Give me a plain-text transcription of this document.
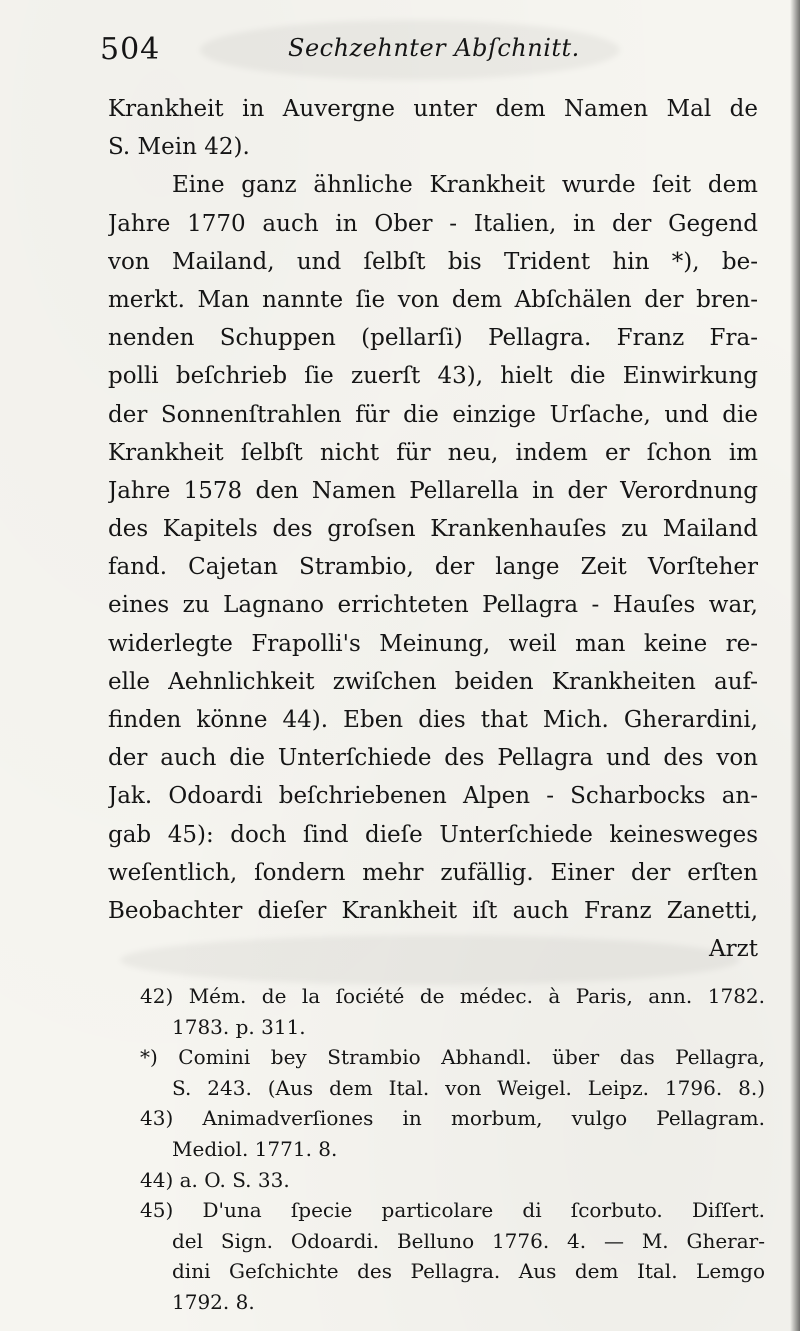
504	Sechzehnter Abſchnitt.
Krankheit in Auvergne unter dem Namen Mal de
S. Mein 42).
Eine ganz ähnliche Krankheit wurde ſeit dem
Jahre 1770 auch in Ober - Italien, in der Gegend
von Mailand, und ſelbſt bis Trident hin *), be-
merkt. Man nannte ſie von dem Abſchälen der bren-
nenden Schuppen (pellarſi) Pellagra. Franz Fra-
polli beſchrieb ſie zuerſt 43), hielt die Einwirkung
der Sonnenſtrahlen für die einzige Urſache, und die
Krankheit ſelbſt nicht für neu, indem er ſchon im
Jahre 1578 den Namen Pellarella in der Verordnung
des Kapitels des groſsen Krankenhauſes zu Mailand
fand. Cajetan Strambio, der lange Zeit Vorſteher
eines zu Lagnano errichteten Pellagra - Hauſes war,
widerlegte Frapolli's Meinung, weil man keine re-
elle Aehnlichkeit zwiſchen beiden Krankheiten auf-
finden könne 44). Eben dies that Mich. Gherardini,
der auch die Unterſchiede des Pellagra und des von
Jak. Odoardi beſchriebenen Alpen - Scharbocks an-
gab 45): doch ſind dieſe Unterſchiede keinesweges
weſentlich, ſondern mehr zufällig. Einer der erſten
Beobachter dieſer Krankheit iſt auch Franz Zanetti,
Arzt
42) Mém. de la ſociété de médec. à Paris, ann. 1782.
1783. p. 311.
*) Comini bey Strambio Abhandl. über das Pellagra,
S. 243. (Aus dem Ital. von Weigel. Leipz. 1796. 8.)
43) Animadverſiones in morbum, vulgo Pellagram.
Mediol. 1771. 8.
44) a. O. S. 33.
45) D'una ſpecie particolare di ſcorbuto. Diſſert.
del Sign. Odoardi. Belluno 1776. 4. — M. Gherar-
dini Geſchichte des Pellagra. Aus dem Ital. Lemgo
1792. 8.
